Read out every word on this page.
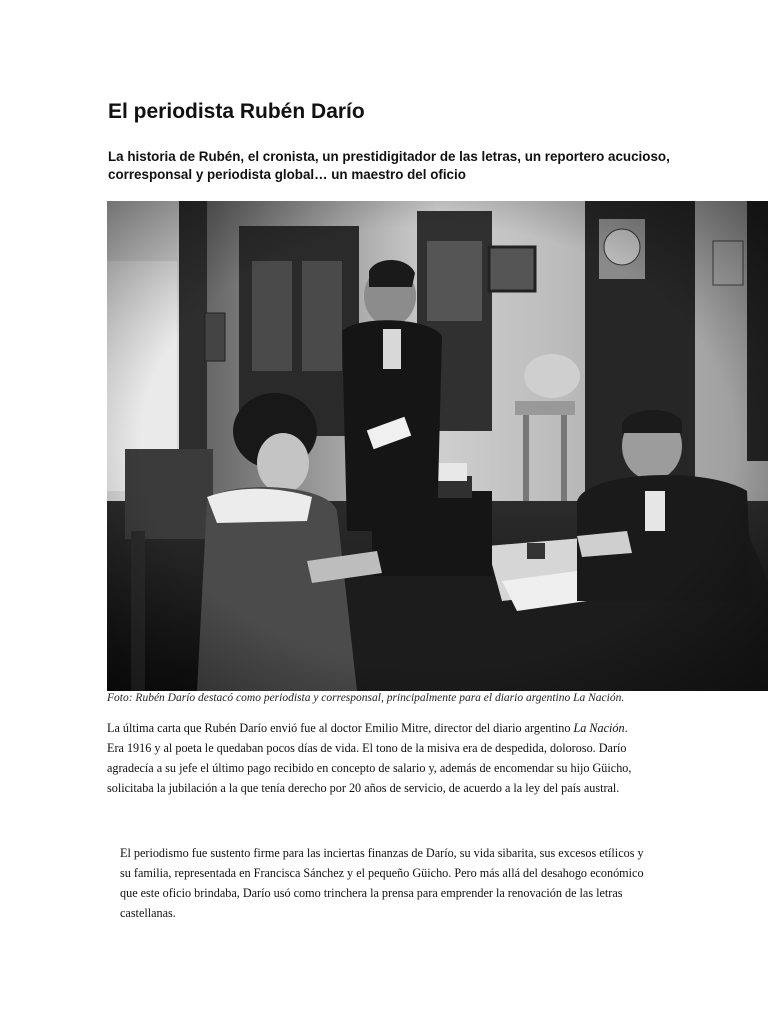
El periodista Rubén Darío

La historia de Rubén, el cronista, un prestidigitador de las letras, un reportero acucioso, corresponsal y periodista global… un maestro del oficio

Foto: Rubén Darío destacó como periodista y corresponsal, principalmente para el diario argentino La Nación.

La última carta que Rubén Darío envió fue al doctor Emilio Mitre, director del diario argentino La Nación. Era 1916 y al poeta le quedaban pocos días de vida. El tono de la misiva era de despedida, doloroso. Darío agradecía a su jefe el último pago recibido en concepto de salario y, además de encomendar su hijo Güicho, solicitaba la jubilación a la que tenía derecho por 20 años de servicio, de acuerdo a la ley del país austral.

El periodismo fue sustento firme para las inciertas finanzas de Darío, su vida sibarita, sus excesos etílicos y su familia, representada en Francisca Sánchez y el pequeño Güicho. Pero más allá del desahogo económico que este oficio brindaba, Darío usó como trinchera la prensa para emprender la renovación de las letras castellanas.
